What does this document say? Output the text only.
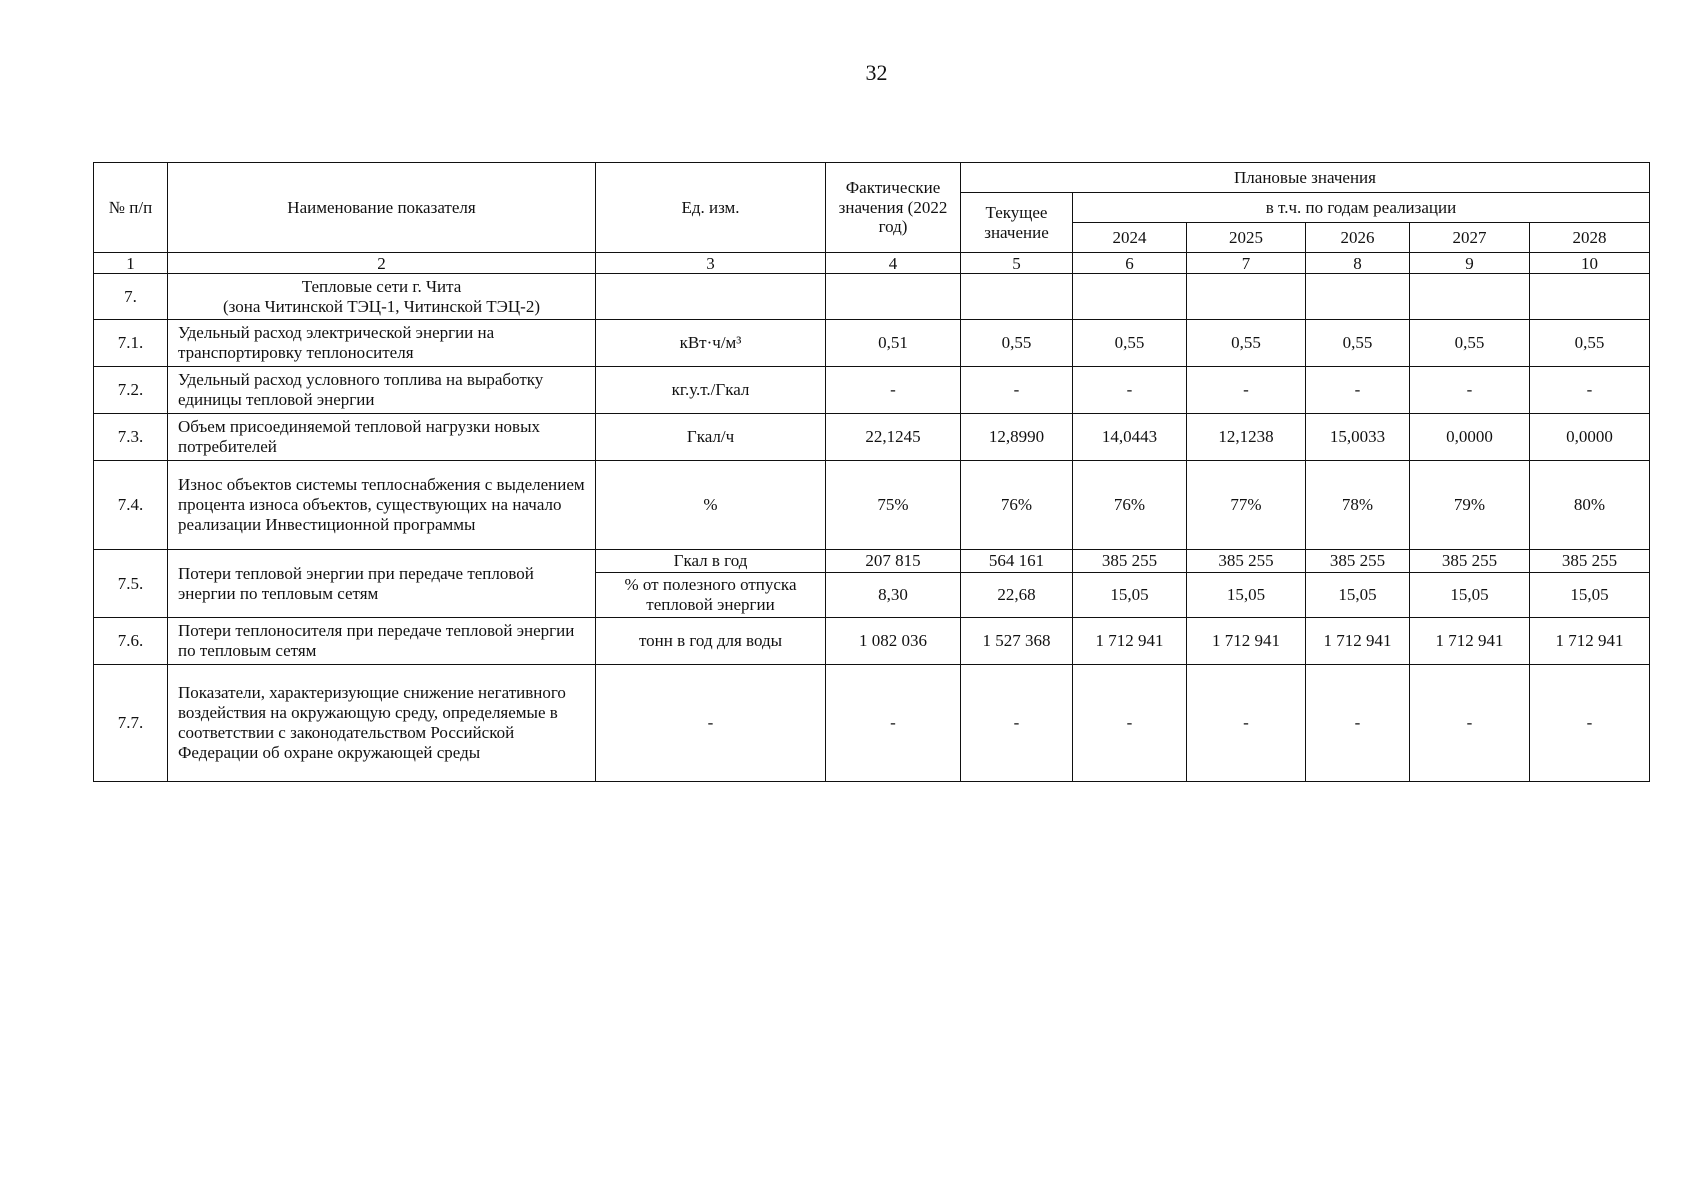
32
№ п/п	Наименование показателя	Ед. изм.	Фактические значения (2022 год)	Плановые значения					
				Текущее значение	в т.ч. по годам реализации				
					2024	2025	2026	2027	2028
1	2	3	4	5	6	7	8	9	10
7.	Тепловые сети г. Чита
(зона Читинской ТЭЦ-1, Читинской ТЭЦ-2)								
7.1.	Удельный расход электрической энергии на транспортировку теплоносителя	кВт·ч/м³	0,51	0,55	0,55	0,55	0,55	0,55	0,55
7.2.	Удельный расход условного топлива на выработку единицы тепловой энергии	кг.у.т./Гкал	-	-	-	-	-	-	-
7.3.	Объем присоединяемой тепловой нагрузки новых потребителей	Гкал/ч	22,1245	12,8990	14,0443	12,1238	15,0033	0,0000	0,0000
7.4.	Износ объектов системы теплоснабжения с выделением процента износа объектов, существующих на начало реализации Инвестиционной программы	%	75%	76%	76%	77%	78%	79%	80%
7.5.	Потери тепловой энергии при передаче тепловой энергии по тепловым сетям	Гкал в год	207 815	564 161	385 255	385 255	385 255	385 255	385 255
		% от полезного отпуска тепловой энергии	8,30	22,68	15,05	15,05	15,05	15,05	15,05
7.6.	Потери теплоносителя при передаче тепловой энергии по тепловым сетям	тонн в год для воды	1 082 036	1 527 368	1 712 941	1 712 941	1 712 941	1 712 941	1 712 941
7.7.	Показатели, характеризующие снижение негативного воздействия на окружающую среду, определяемые в соответствии с законодательством Российской Федерации об охране окружающей среды	-	-	-	-	-	-	-	-
